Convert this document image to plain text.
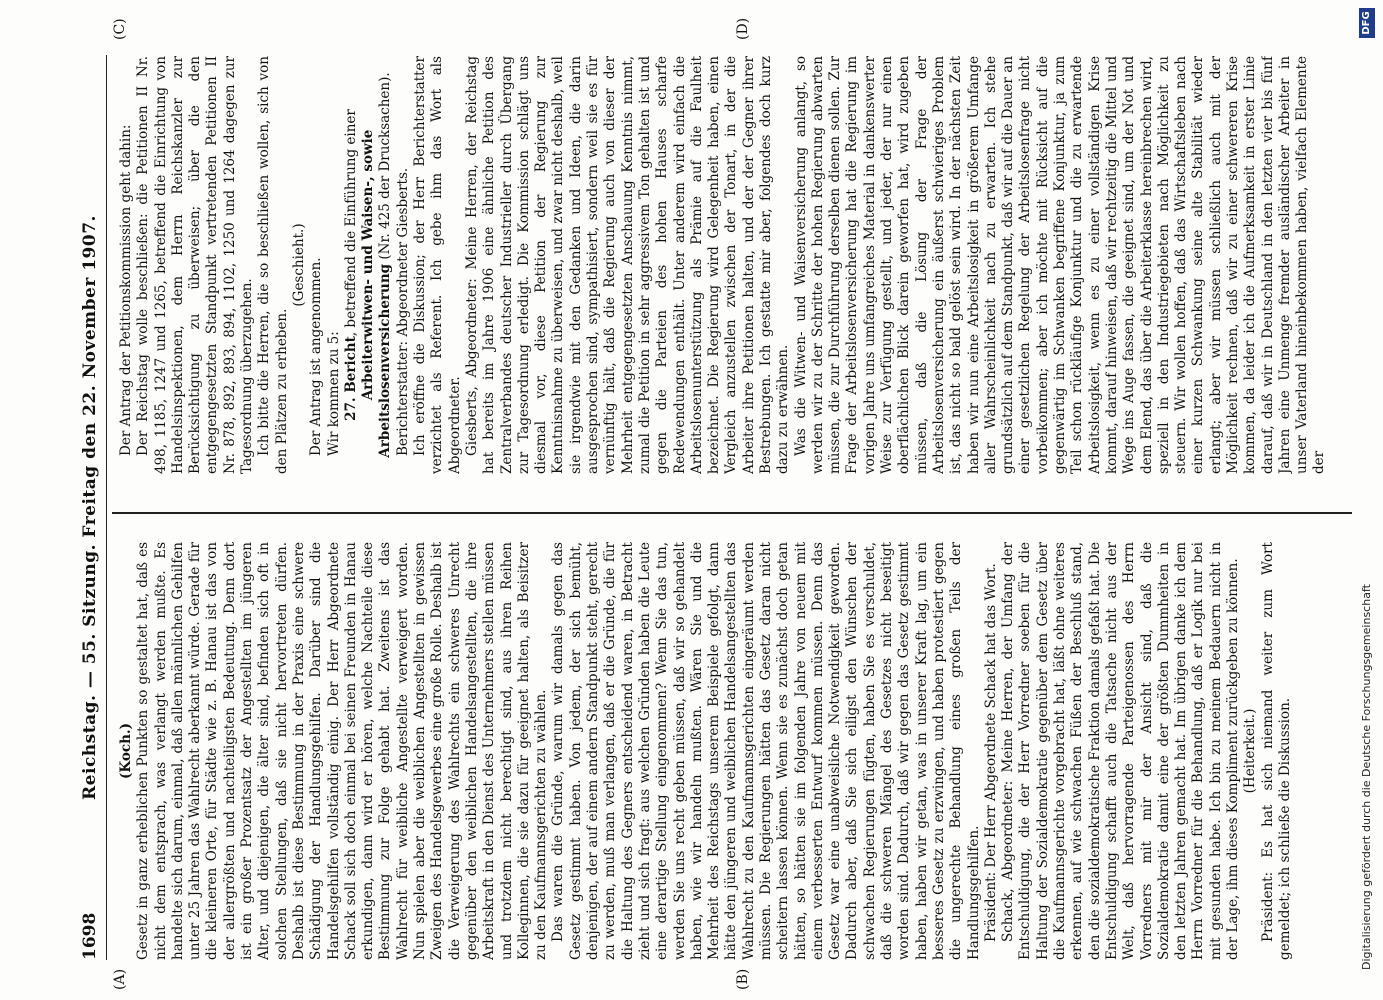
1698
Reichstag. — 55. Sitzung. Freitag den 22. November 1907.
(A)	(B)
(C)	(D)

(Koch.) Gesetz in ganz erheblichen Punkten so gestaltet hat, daß es nicht dem entsprach, was verlangt werden mußte. Es handelte sich darum, einmal, daß allen männlichen Gehilfen unter 25 Jahren das Wahlrecht aberkannt würde. Gerade für die kleineren Orte, für Städte wie z. B. Hanau ist das von der allergrößten und nachteiligsten Bedeutung. Denn dort ist ein großer Prozentsatz der Angestellten im jüngeren Alter, und diejenigen, die älter sind, befinden sich oft in solchen Stellungen, daß sie nicht hervortreten dürfen. Deshalb ist diese Bestimmung in der Praxis eine schwere Schädigung der Handlungsgehilfen. Darüber sind die Handelsgehilfen vollständig einig. Der Herr Abgeordnete Schack soll sich doch einmal bei seinen Freunden in Hanau erkundigen, dann wird er hören, welche Nachteile diese Bestimmung zur Folge gehabt hat. Zweitens ist das Wahlrecht für weibliche Angestellte verweigert worden. Nun spielen aber die weiblichen Angestellten in gewissen Zweigen des Handelsgewerbes eine große Rolle. Deshalb ist die Verweigerung des Wahlrechts ein schweres Unrecht gegenüber den weiblichen Handelsangestellten, die ihre Arbeitskraft in den Dienst des Unternehmers stellen müssen und trotzdem nicht berechtigt sind, aus ihren Reihen Kolleginnen, die sie dazu für geeignet halten, als Beisitzer zu den Kaufmannsgerichten zu wählen. Das waren die Gründe, warum wir damals gegen das Gesetz gestimmt haben. Von jedem, der sich bemüht, denjenigen, der auf einem andern Standpunkt steht, gerecht zu werden, muß man verlangen, daß er die Gründe, die für die Haltung des Gegners entscheidend waren, in Betracht zieht und sich fragt: aus welchen Gründen haben die Leute eine derartige Stellung eingenommen? Wenn Sie das tun, werden Sie uns recht geben müssen, daß wir so gehandelt haben, wie wir handeln mußten. Wären Sie und die Mehrheit des Reichstags unserem Beispiele gefolgt, dann hätte den jüngeren und weiblichen Handelsangestellten das Wahlrecht zu den Kaufmannsgerichten eingeräumt werden müssen. Die Regierungen hätten das Gesetz daran nicht scheitern lassen können. Wenn sie es zunächst doch getan hätten, so hätten sie im folgenden Jahre von neuem mit einem verbesserten Entwurf kommen müssen. Denn das Gesetz war eine unabweisliche Notwendigkeit geworden. Dadurch aber, daß Sie sich eiligst den Wünschen der schwachen Regierungen fügten, haben Sie es verschuldet, daß die schweren Mängel des Gesetzes nicht beseitigt worden sind. Dadurch, daß wir gegen das Gesetz gestimmt haben, haben wir getan, was in unserer Kraft lag, um ein besseres Gesetz zu erzwingen, und haben protestiert gegen die ungerechte Behandlung eines großen Teils der Handlungsgehilfen. Präsident: Der Herr Abgeordnete Schack hat das Wort. Schack, Abgeordneter: Meine Herren, der Umfang der Entschuldigung, die der Herr Vorredner soeben für die Haltung der Sozialdemokratie gegenüber dem Gesetz über die Kaufmannsgerichte vorgebracht hat, läßt ohne weiteres erkennen, auf wie schwachen Füßen der Beschluß stand, den die sozialdemokratische Fraktion damals gefaßt hat. Die Entschuldigung schafft auch die Tatsache nicht aus der Welt, daß hervorragende Parteigenossen des Herrn Vorredners mit mir der Ansicht sind, daß die Sozialdemokratie damit eine der größten Dummheiten in den letzten Jahren gemacht hat. Im übrigen danke ich dem Herrn Vorredner für die Behandlung, daß er Logik nur bei mit gesunden habe. Ich bin zu meinem Bedauern nicht in der Lage, ihm dieses Kompliment zurückgeben zu können. (Heiterkeit.) Präsident: Es hat sich niemand weiter zum Wort gemeldet; ich schließe die Diskussion.

Der Antrag der Petitionskommission geht dahin: Der Reichstag wolle beschließen: die Petitionen II Nr. 498, 1185, 1247 und 1265, betreffend die Einrichtung von Handelsinspektionen, dem Herrn Reichskanzler zur Berücksichtigung zu überweisen; über die den entgegengesetzten Standpunkt vertretenden Petitionen II Nr. 878, 892, 893, 894, 1102, 1250 und 1264 dagegen zur Tagesordnung überzugehen. Ich bitte die Herren, die so beschließen wollen, sich von den Plätzen zu erheben.

(Geschieht.) Der Antrag ist angenommen. Wir kommen zu 5: 27. Bericht, betreffend die Einführung einer Arbeiterwitwen- und Waisen-, sowie Arbeitslosenversicherung (Nr. 425 der Drucksachen). Berichterstatter: Abgeordneter Giesberts. Ich eröffne die Diskussion; der Herr Berichterstatter verzichtet als Referent. Ich gebe ihm das Wort als Abgeordneter. Giesberts, Abgeordneter: Meine Herren, der Reichstag hat bereits im Jahre 1906 eine ähnliche Petition des Zentralverbandes deutscher Industrieller durch Übergang zur Tagesordnung erledigt. Die Kommission schlägt uns diesmal vor, diese Petition der Regierung zur Kenntnisnahme zu überweisen, und zwar nicht deshalb, weil sie irgendwie mit den Gedanken und Ideen, die darin ausgesprochen sind, sympathisiert, sondern weil sie es für vernünftig hält, daß die Regierung auch von dieser der Mehrheit entgegengesetzten Anschauung Kenntnis nimmt, zumal die Petition in sehr aggressivem Ton gehalten ist und gegen die Parteien des hohen Hauses scharfe Redewendungen enthält. Unter anderem wird einfach die Arbeitslosenunterstützung als Prämie auf die Faulheit bezeichnet. Die Regierung wird Gelegenheit haben, einen Vergleich anzustellen zwischen der Tonart, in der die Arbeiter ihre Petitionen halten, und der der Gegner ihrer Bestrebungen. Ich gestatte mir aber, folgendes doch kurz dazu zu erwähnen. Was die Witwen- und Waisenversicherung anlangt, so werden wir zu der Schritte der hohen Regierung abwarten müssen, die zur Durchführung derselben dienen sollen. Zur Frage der Arbeitslosenversicherung hat die Regierung im vorigen Jahre uns umfangreiches Material in dankenswerter Weise zur Verfügung gestellt, und jeder, der nur einen oberflächlichen Blick darein geworfen hat, wird zugeben müssen, daß die Lösung der Frage der Arbeitslosenversicherung ein äußerst schwieriges Problem ist, das nicht so bald gelöst sein wird. In der nächsten Zeit haben wir nun eine Arbeitslosigkeit in größerem Umfange aller Wahrscheinlichkeit nach zu erwarten. Ich stehe grundsätzlich auf dem Standpunkt, daß wir auf die Dauer an einer gesetzlichen Regelung der Arbeitslosenfrage nicht vorbeikommen; aber ich möchte mit Rücksicht auf die gegenwärtig im Schwanken begriffene Konjunktur, ja zum Teil schon rückläufige Konjunktur und die zu erwartende Arbeitslosigkeit, wenn es zu einer vollständigen Krise kommt, darauf hinweisen, daß wir rechtzeitig die Mittel und Wege ins Auge fassen, die geeignet sind, um der Not und dem Elend, das über die Arbeiterklasse hereinbrechen wird, speziell in den Industriegebieten nach Möglichkeit zu steuern. Wir wollen hoffen, daß das Wirtschaftsleben nach einer kurzen Schwankung seine alte Stabilität wieder erlangt; aber wir müssen schließlich auch mit der Möglichkeit rechnen, daß wir zu einer schwereren Krise kommen, da leider ich die Aufmerksamkeit in erster Linie darauf, daß wir in Deutschland in den letzten vier bis fünf Jahren eine Unmenge fremder ausländischer Arbeiter in unser Vaterland hineinbekommen haben, vielfach Elemente der

Digitalisierung gefördert durch die Deutsche Forschungsgemeinschaft
DFG
